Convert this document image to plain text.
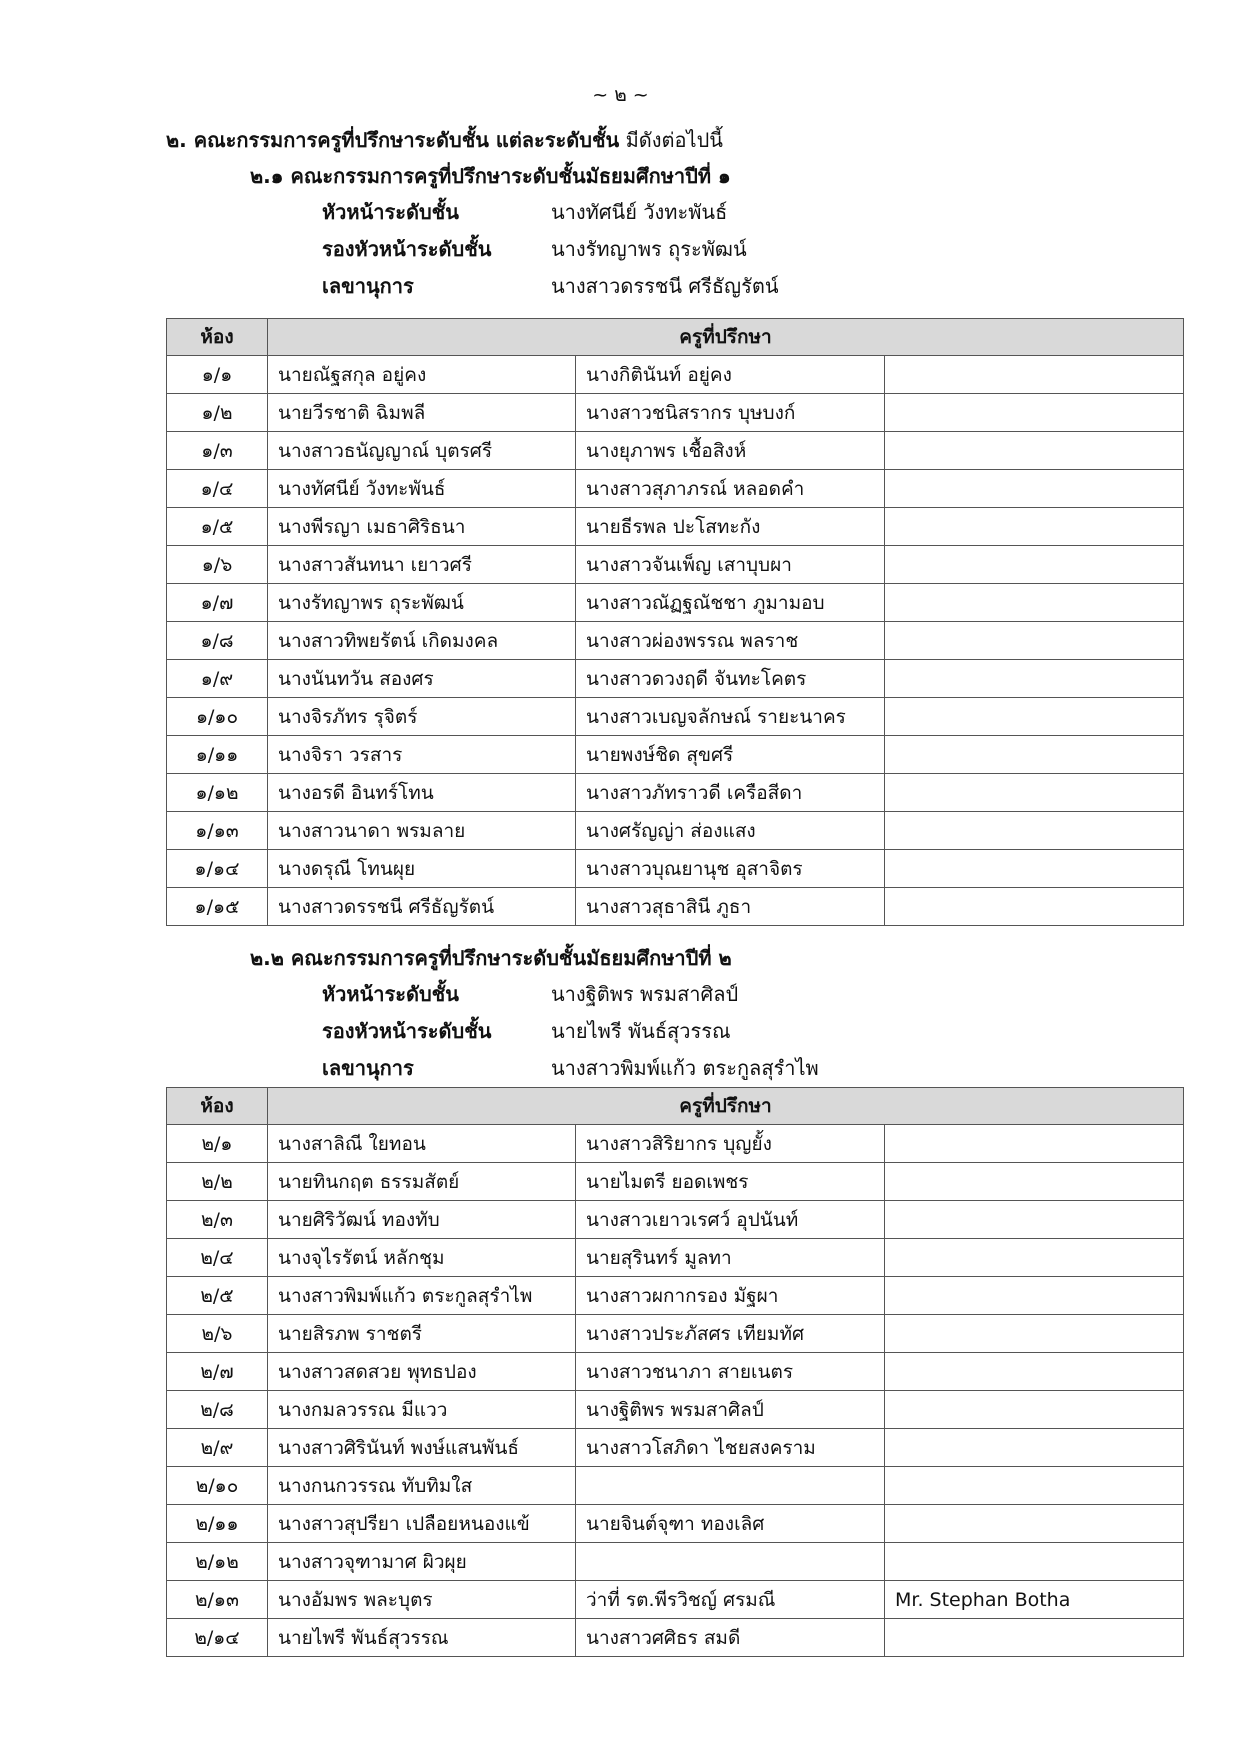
~ ๒ ~
๒. คณะกรรมการครูที่ปรึกษาระดับชั้น แต่ละระดับชั้น มีดังต่อไปนี้
๒.๑ คณะกรรมการครูที่ปรึกษาระดับชั้นมัธยมศึกษาปีที่ ๑
หัวหน้าระดับชั้น	นางทัศนีย์ วังทะพันธ์
รองหัวหน้าระดับชั้น	นางรัทญาพร ถุระพัฒน์
เลขานุการ	นางสาวดรรชนี ศรีธัญรัตน์
ห้อง	ครูที่ปรึกษา		
๑/๑	นายณัฐสกุล อยู่คง	นางกิตินันท์ อยู่คง	
๑/๒	นายวีรชาติ ฉิมพลี	นางสาวชนิสรากร บุษบงก์	
๑/๓	นางสาวธนัญญาณ์ บุตรศรี	นางยุภาพร เชื้อสิงห์	
๑/๔	นางทัศนีย์ วังทะพันธ์	นางสาวสุภาภรณ์ หลอดคำ	
๑/๕	นางพีรญา เมธาศิริธนา	นายธีรพล ปะโสทะกัง	
๑/๖	นางสาวสันทนา เยาวศรี	นางสาวจันเพ็ญ เสาบุบผา	
๑/๗	นางรัทญาพร ถุระพัฒน์	นางสาวณัฏฐณัชชา ภูมามอบ	
๑/๘	นางสาวทิพยรัตน์ เกิดมงคล	นางสาวผ่องพรรณ พลราช	
๑/๙	นางนันทวัน สองศร	นางสาวดวงฤดี จันทะโคตร	
๑/๑๐	นางจิรภัทร รุจิตร์	นางสาวเบญจลักษณ์ รายะนาคร	
๑/๑๑	นางจิรา วรสาร	นายพงษ์ชิด สุขศรี	
๑/๑๒	นางอรดี อินทร์โทน	นางสาวภัทราวดี เครือสีดา	
๑/๑๓	นางสาวนาดา พรมลาย	นางศรัญญ่า ส่องแสง	
๑/๑๔	นางดรุณี โทนผุย	นางสาวบุณยานุช อุสาจิตร	
๑/๑๕	นางสาวดรรชนี ศรีธัญรัตน์	นางสาวสุธาสินี ภูธา	
๒.๒ คณะกรรมการครูที่ปรึกษาระดับชั้นมัธยมศึกษาปีที่ ๒
หัวหน้าระดับชั้น	นางฐิติพร พรมสาศิลป์
รองหัวหน้าระดับชั้น	นายไพรี พันธ์สุวรรณ
เลขานุการ	นางสาวพิมพ์แก้ว ตระกูลสุรำไพ
ห้อง	ครูที่ปรึกษา		
๒/๑	นางสาลิณี ใยทอน	นางสาวสิริยากร บุญยั้ง	
๒/๒	นายทินกฤต ธรรมสัตย์	นายไมตรี ยอดเพชร	
๒/๓	นายศิริวัฒน์ ทองทับ	นางสาวเยาวเรศว์ อุปนันท์	
๒/๔	นางจุไรรัตน์ หลักชุม	นายสุรินทร์ มูลทา	
๒/๕	นางสาวพิมพ์แก้ว ตระกูลสุรำไพ	นางสาวผกากรอง มัฐผา	
๒/๖	นายสิรภพ ราชตรี	นางสาวประภัสศร เทียมทัศ	
๒/๗	นางสาวสดสวย พุทธปอง	นางสาวชนาภา สายเนตร	
๒/๘	นางกมลวรรณ มีแวว	นางฐิติพร พรมสาศิลป์	
๒/๙	นางสาวศิรินันท์ พงษ์แสนพันธ์	นางสาวโสภิดา ไชยสงคราม	
๒/๑๐	นางกนกวรรณ ทับทิมใส		
๒/๑๑	นางสาวสุปรียา เปลือยหนองแข้	นายจินต์จุฑา ทองเลิศ	
๒/๑๒	นางสาวจุฑามาศ ผิวผุย		
๒/๑๓	นางอัมพร พละบุตร	ว่าที่ รต.พีรวิชญ์ ศรมณี	Mr. Stephan Botha
๒/๑๔	นายไพรี พันธ์สุวรรณ	นางสาวศศิธร สมดี	
